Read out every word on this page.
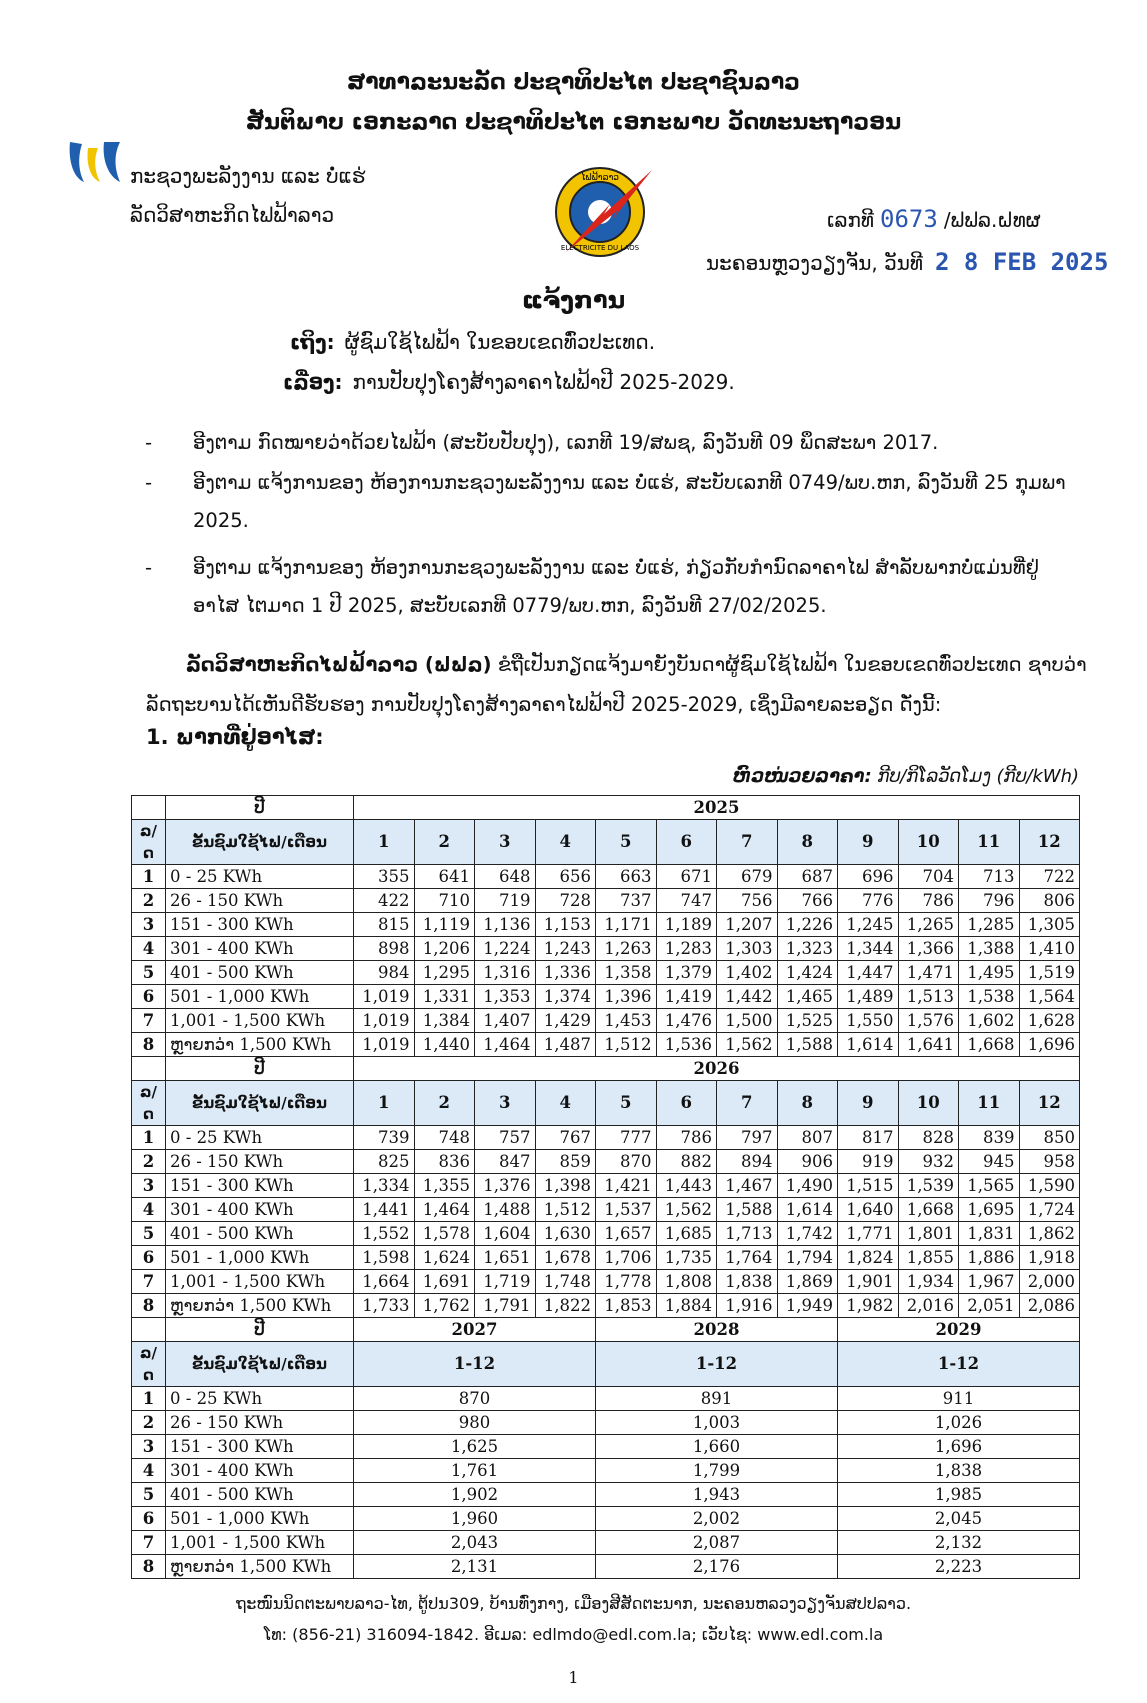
ສາທາລະນະລັດ ປະຊາທິປະໄຕ ປະຊາຊົນລາວ
ສັນຕິພາບ ເອກະລາດ ປະຊາທິປະໄຕ ເອກະພາບ ວັດທະນະຖາວອນ
ກະຊວງພະລັງງານ ແລະ ບໍ່ແຮ່
ລັດວິສາຫະກິດໄຟຟ້າລາວ
ໄຟຟ້າລາວ
ELECTRICITE DU LAOS
ເລກທີ 0673 /ຟຟລ.ຝທຜ
ນະຄອນຫຼວງວຽງຈັນ, ວັນທີ 2 8 FEB 2025
ແຈ້ງການ
ເຖິງ: ຜູ້ຊົມໃຊ້ໄຟຟ້າ ໃນຂອບເຂດທົ່ວປະເທດ.
ເລື່ອງ: ການປັບປຸງໂຄງສ້າງລາຄາໄຟຟ້າປີ 2025-2029.
- ອີງຕາມ ກົດໝາຍວ່າດ້ວຍໄຟຟ້າ (ສະບັບປັບປຸງ), ເລກທີ 19/ສພຊ, ລົງວັນທີ 09 ພຶດສະພາ 2017.
- ອີງຕາມ ແຈ້ງການຂອງ ຫ້ອງການກະຊວງພະລັງງານ ແລະ ບໍ່ແຮ່, ສະບັບເລກທີ 0749/ພບ.ຫກ, ລົງວັນທີ 25 ກຸມພາ 2025.
- ອີງຕາມ ແຈ້ງການຂອງ ຫ້ອງການກະຊວງພະລັງງານ ແລະ ບໍ່ແຮ່, ກ່ຽວກັບກໍານົດລາຄາໄຟ ສໍາລັບພາກບໍ່ແມ່ນທີ່ຢູ່ອາໄສ ໄຕມາດ 1 ປີ 2025, ສະບັບເລກທີ 0779/ພບ.ຫກ, ລົງວັນທີ 27/02/2025.
ລັດວິສາຫະກິດໄຟຟ້າລາວ (ຟຟລ) ຂໍຖືເປັນກຽດແຈ້ງມາຍັງບັນດາຜູ້ຊົມໃຊ້ໄຟຟ້າ ໃນຂອບເຂດທົ່ວປະເທດ ຊາບວ່າ ລັດຖະບານໄດ້ເຫັນດີຮັບຮອງ ການປັບປຸງໂຄງສ້າງລາຄາໄຟຟ້າປີ 2025-2029, ເຊິ່ງມີລາຍລະອຽດ ດັ່ງນີ້:
1. ພາກທີ່ຢູ່ອາໄສ:
ຫົວໜ່ວຍລາຄາ: ກີບ/ກິໂລວັດໂມງ (ກີບ/kWh)
	ປີ	2025											
ລ/ດ	ຂັ້ນຊົມໃຊ້ໄຟ/ເດືອນ	1	2	3	4	5	6	7	8	9	10	11	12
1	0 - 25 KWh	355	641	648	656	663	671	679	687	696	704	713	722
2	26 - 150 KWh	422	710	719	728	737	747	756	766	776	786	796	806
3	151 - 300 KWh	815	1,119	1,136	1,153	1,171	1,189	1,207	1,226	1,245	1,265	1,285	1,305
4	301 - 400 KWh	898	1,206	1,224	1,243	1,263	1,283	1,303	1,323	1,344	1,366	1,388	1,410
5	401 - 500 KWh	984	1,295	1,316	1,336	1,358	1,379	1,402	1,424	1,447	1,471	1,495	1,519
6	501 - 1,000 KWh	1,019	1,331	1,353	1,374	1,396	1,419	1,442	1,465	1,489	1,513	1,538	1,564
7	1,001 - 1,500 KWh	1,019	1,384	1,407	1,429	1,453	1,476	1,500	1,525	1,550	1,576	1,602	1,628
8	ຫຼາຍກວ່າ 1,500 KWh	1,019	1,440	1,464	1,487	1,512	1,536	1,562	1,588	1,614	1,641	1,668	1,696
	ປີ	2026											
ລ/ດ	ຂັ້ນຊົມໃຊ້ໄຟ/ເດືອນ	1	2	3	4	5	6	7	8	9	10	11	12
1	0 - 25 KWh	739	748	757	767	777	786	797	807	817	828	839	850
2	26 - 150 KWh	825	836	847	859	870	882	894	906	919	932	945	958
3	151 - 300 KWh	1,334	1,355	1,376	1,398	1,421	1,443	1,467	1,490	1,515	1,539	1,565	1,590
4	301 - 400 KWh	1,441	1,464	1,488	1,512	1,537	1,562	1,588	1,614	1,640	1,668	1,695	1,724
5	401 - 500 KWh	1,552	1,578	1,604	1,630	1,657	1,685	1,713	1,742	1,771	1,801	1,831	1,862
6	501 - 1,000 KWh	1,598	1,624	1,651	1,678	1,706	1,735	1,764	1,794	1,824	1,855	1,886	1,918
7	1,001 - 1,500 KWh	1,664	1,691	1,719	1,748	1,778	1,808	1,838	1,869	1,901	1,934	1,967	2,000
8	ຫຼາຍກວ່າ 1,500 KWh	1,733	1,762	1,791	1,822	1,853	1,884	1,916	1,949	1,982	2,016	2,051	2,086
	ປີ	2027				2028				2029			
ລ/ດ	ຂັ້ນຊົມໃຊ້ໄຟ/ເດືອນ	1-12				1-12				1-12			
1	0 - 25 KWh	870				891				911			
2	26 - 150 KWh	980				1,003				1,026			
3	151 - 300 KWh	1,625				1,660				1,696			
4	301 - 400 KWh	1,761				1,799				1,838			
5	401 - 500 KWh	1,902				1,943				1,985			
6	501 - 1,000 KWh	1,960				2,002				2,045			
7	1,001 - 1,500 KWh	2,043				2,087				2,132			
8	ຫຼາຍກວ່າ 1,500 KWh	2,131				2,176				2,223			
ຖະໜົນນິດຕະພາບລາວ-ໄທ, ຕູ້ປນ309, ບ້ານທົ່ງກາງ, ເມືອງສີສັດຕະນາກ, ນະຄອນຫລວງວຽງຈັນສປປລາວ.
ໂທ: (856-21) 316094-1842. ອີເມລ: edlmdo@edl.com.la; ເວັບໄຊ: www.edl.com.la
1
